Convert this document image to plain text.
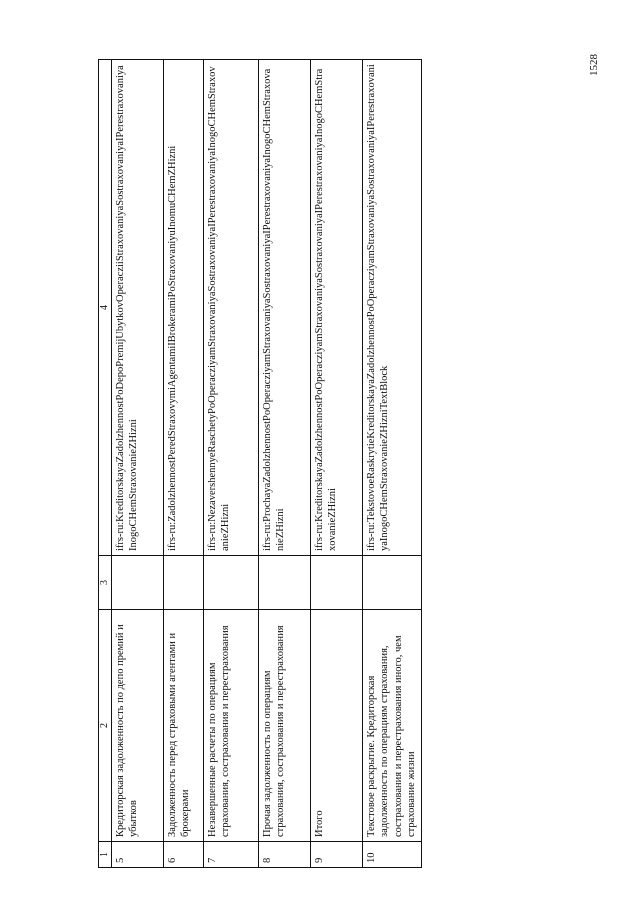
1528
1	2	3	4
5	Кредиторская задолженность по депо премий и убытков		ifrs-ru:KreditorskayaZadolzhennostPoDepoPremijUbytkovOperacziiStraxovaniyaSostraxovaniyaIPerestraxovaniyaInogoCHemStraxovanieZHizni
6	Задолженность перед страховыми агентами и брокерами		ifrs-ru:ZadolzhennostPeredStraxovymiAgentamiIBrokeramiPoStraxovaniyuInomuCHemZHizni
7	Незавершенные расчеты по операциям страхования, сострахования и перестрахования		ifrs-ru:NezavershennyeRaschetyPoOperacziyamStraxovaniyaSostraxovaniyaIPerestraxovaniyaInogoCHemStraxovanieZHizni
8	Прочая задолженность по операциям страхования, сострахования и перестрахования		ifrs-ru:ProchayaZadolzhennostPoOperacziyamStraxovaniyaSostraxovaniyaIPerestraxovaniyaInogoCHemStraxovanieZHizni
9	Итого		ifrs-ru:KreditorskayaZadolzhennostPoOperacziyamStraxovaniyaSostraxovaniyaIPerestraxovaniyaInogoCHemStraxovanieZHizni
10	Текстовое раскрытие. Кредиторская задолженность по операциям страхования, сострахования и перестрахования иного, чем страхование жизни		ifrs-ru:TekstovoeRaskrytieKreditorskayaZadolzhennostPoOperacziyamStraxovaniyaSostraxovaniyaIPerestraxovaniyaInogoCHemStraxovanieZHizniTextBlock
